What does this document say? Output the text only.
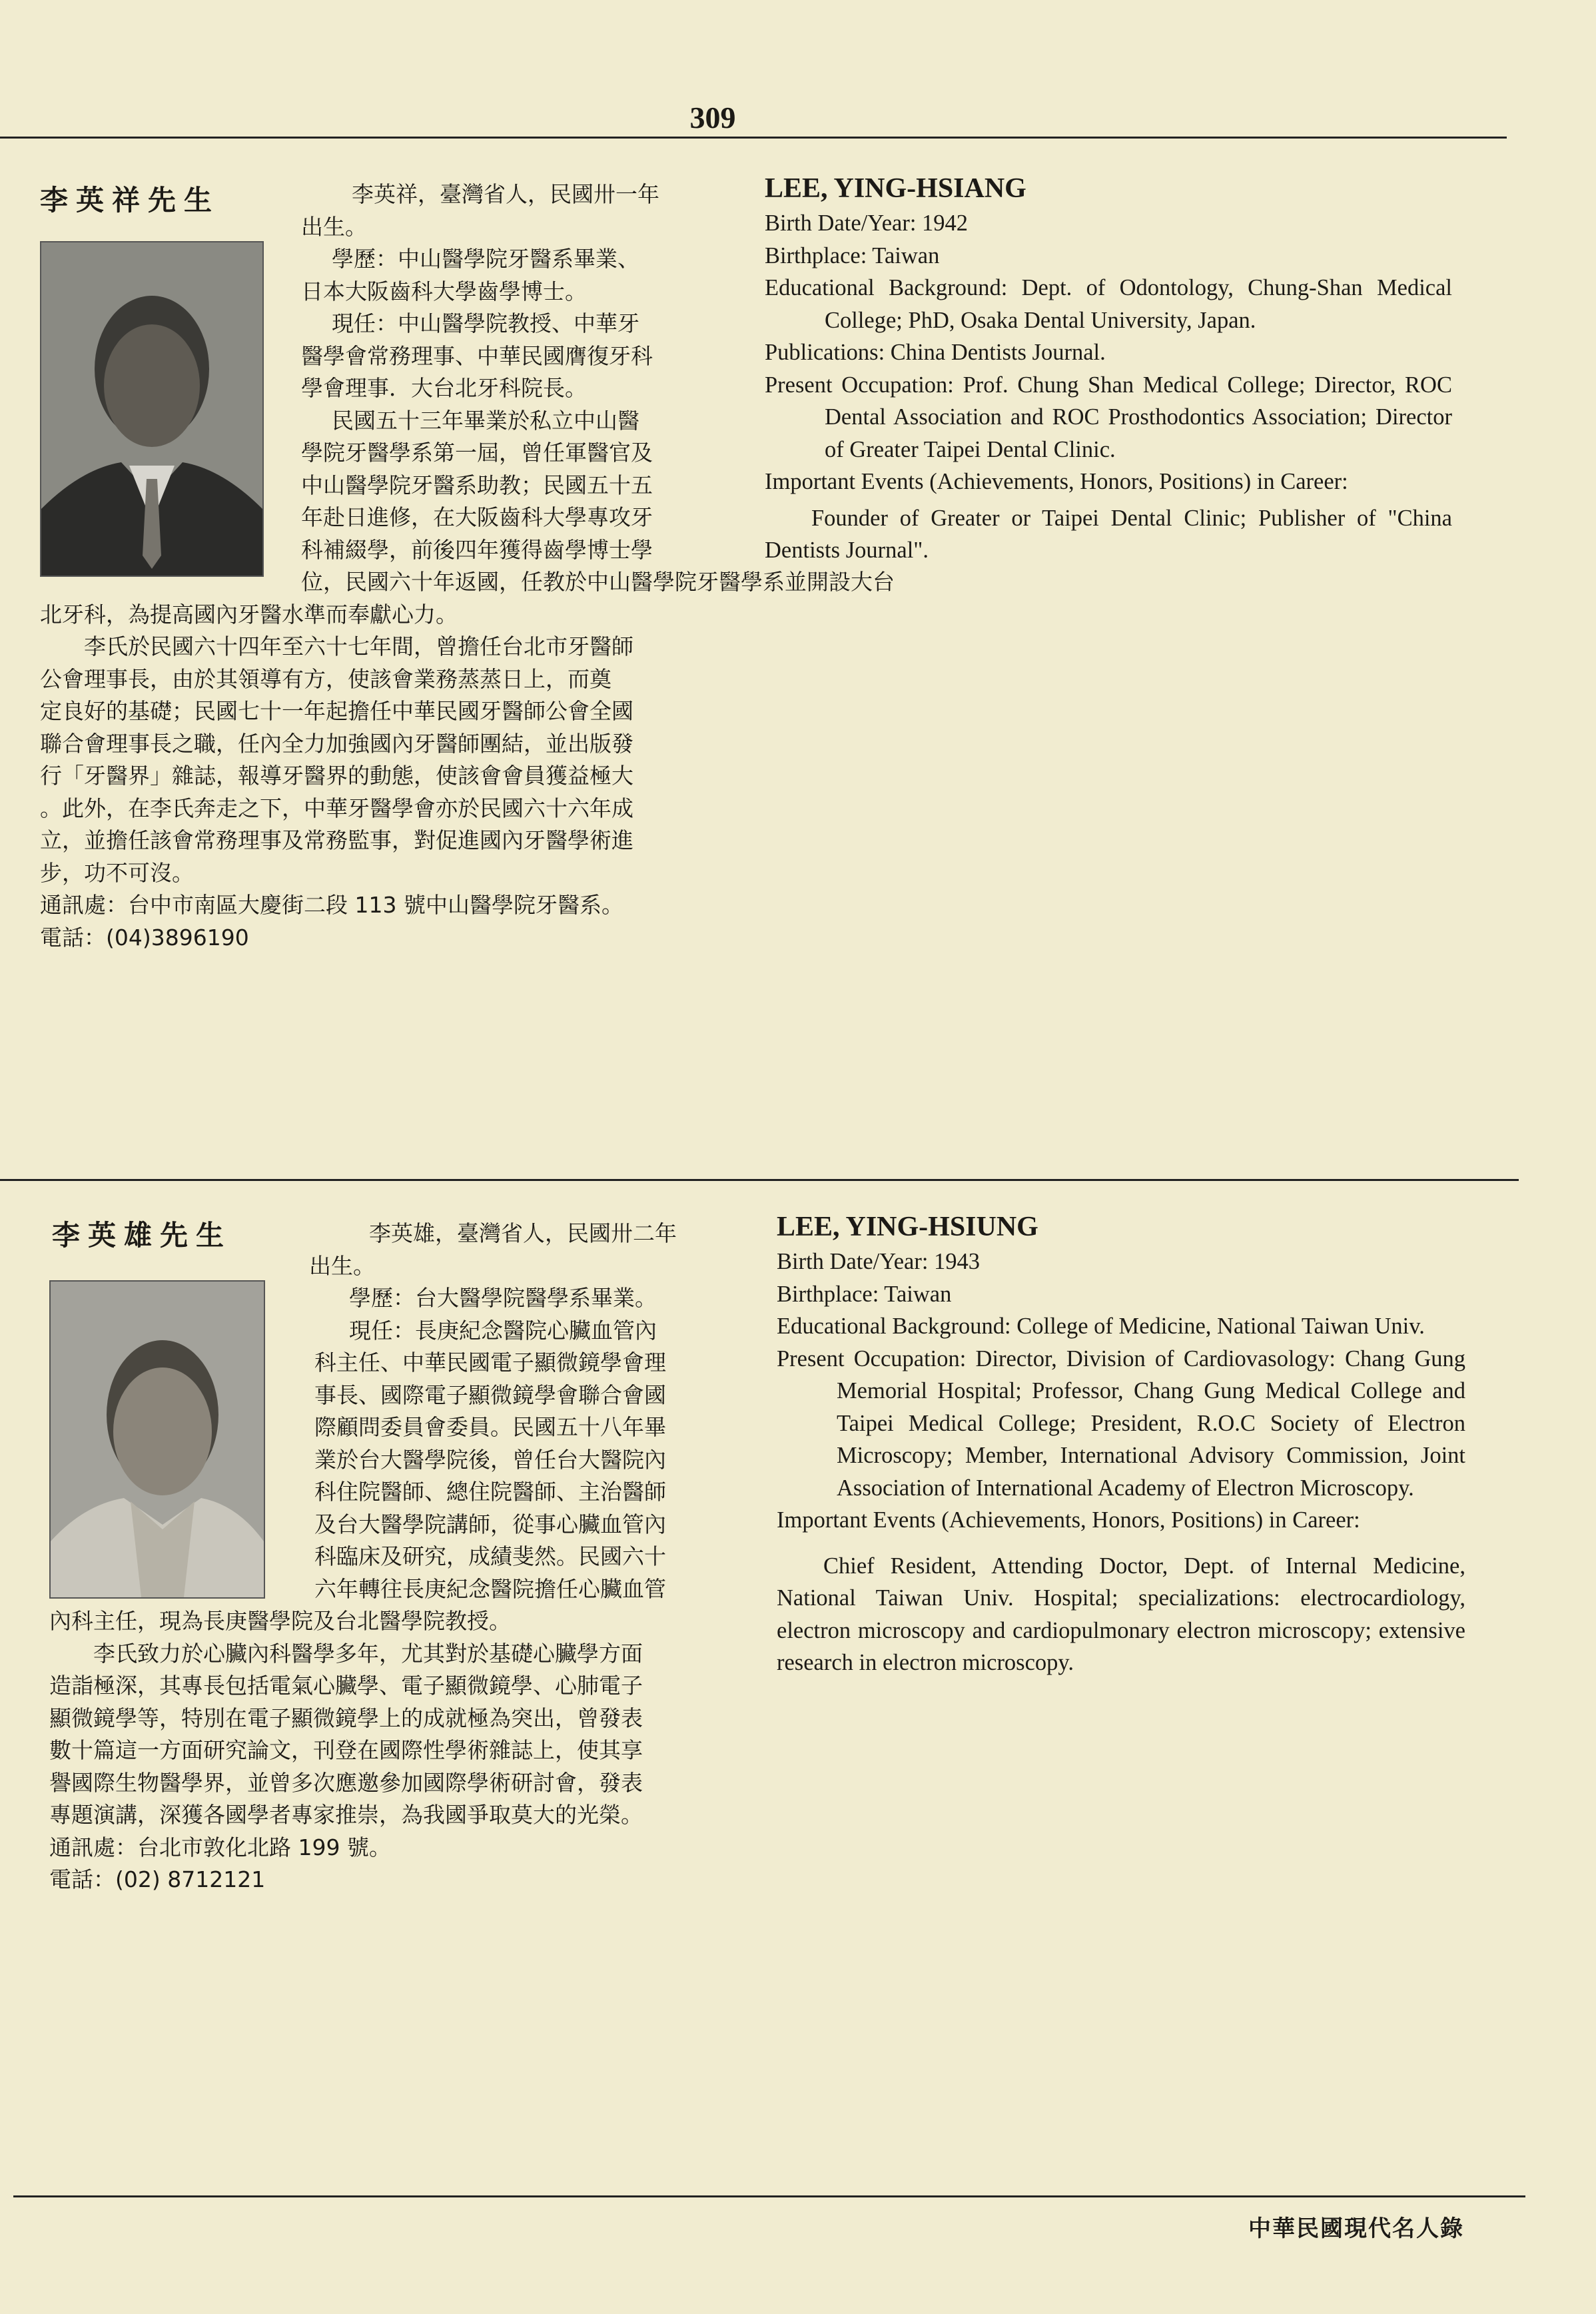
309
李英祥先生	李英祥，臺灣省人，民國卅一年

出生。

學歷：中山醫學院牙醫系畢業、

日本大阪齒科大學齒學博士。

現任：中山醫學院教授、中華牙

醫學會常務理事、中華民國膺復牙科

學會理事．大台北牙科院長。

民國五十三年畢業於私立中山醫

學院牙醫學系第一屆，曾任軍醫官及

中山醫學院牙醫系助教；民國五十五

年赴日進修，在大阪齒科大學專攻牙

科補綴學，前後四年獲得齒學博士學

位，民國六十年返國，任教於中山醫學院牙醫學系並開設大台

北牙科，為提高國內牙醫水準而奉獻心力。

李氏於民國六十四年至六十七年間，曾擔任台北市牙醫師

公會理事長，由於其領導有方，使該會業務蒸蒸日上，而奠

定良好的基礎；民國七十一年起擔任中華民國牙醫師公會全國

聯合會理事長之職，任內全力加強國內牙醫師團結，並出版發

行「牙醫界」雜誌，報導牙醫界的動態，使該會會員獲益極大

。此外，在李氏奔走之下，中華牙醫學會亦於民國六十六年成

立，並擔任該會常務理事及常務監事，對促進國內牙醫學術進

步，功不可沒。

通訊處：台中市南區大慶街二段 113 號中山醫學院牙醫系。

電話：(04)3896190

LEE, YING-HSIANG

Birth Date/Year: 1942

Birthplace: Taiwan

Educational Background: Dept. of Odontology, Chung-Shan Medical College; PhD, Osaka Dental University, Japan.

Publications: China Dentists Journal.

Present Occupation: Prof. Chung Shan Medical College; Director, ROC Dental Association and ROC Prosthodontics Association; Director of Greater Taipei Dental Clinic.

Important Events (Achievements, Honors, Positions) in Career:

Founder of Greater or Taipei Dental Clinic; Publisher of "China Dentists Journal".

李英雄先生	李英雄，臺灣省人，民國卅二年

出生。

學歷：台大醫學院醫學系畢業。

現任：長庚紀念醫院心臟血管內

科主任、中華民國電子顯微鏡學會理

事長、國際電子顯微鏡學會聯合會國

際顧問委員會委員。民國五十八年畢

業於台大醫學院後，曾任台大醫院內

科住院醫師、總住院醫師、主治醫師

及台大醫學院講師，從事心臟血管內

科臨床及研究，成績斐然。民國六十

六年轉往長庚紀念醫院擔任心臟血管

內科主任，現為長庚醫學院及台北醫學院教授。

李氏致力於心臟內科醫學多年，尤其對於基礎心臟學方面

造詣極深，其專長包括電氣心臟學、電子顯微鏡學、心肺電子

顯微鏡學等，特別在電子顯微鏡學上的成就極為突出，曾發表

數十篇這一方面研究論文，刊登在國際性學術雜誌上，使其享

譽國際生物醫學界，並曾多次應邀參加國際學術研討會，發表

專題演講，深獲各國學者專家推崇，為我國爭取莫大的光榮。

通訊處：台北市敦化北路 199 號。

電話：(02) 8712121

LEE, YING-HSIUNG

Birth Date/Year: 1943

Birthplace: Taiwan

Educational Background: College of Medicine, National Taiwan Univ.

Present Occupation: Director, Division of Cardiovasology: Chang Gung Memorial Hospital; Professor, Chang Gung Medical College and Taipei Medical College; President, R.O.C Society of Electron Microscopy; Member, International Advisory Commission, Joint Association of International Academy of Electron Microscopy.

Important Events (Achievements, Honors, Positions) in Career:

Chief Resident, Attending Doctor, Dept. of Internal Medicine, National Taiwan Univ. Hospital; specializations: electrocardiology, electron microscopy and cardiopulmonary electron microscopy; extensive research in electron microscopy.

中華民國現代名人錄
